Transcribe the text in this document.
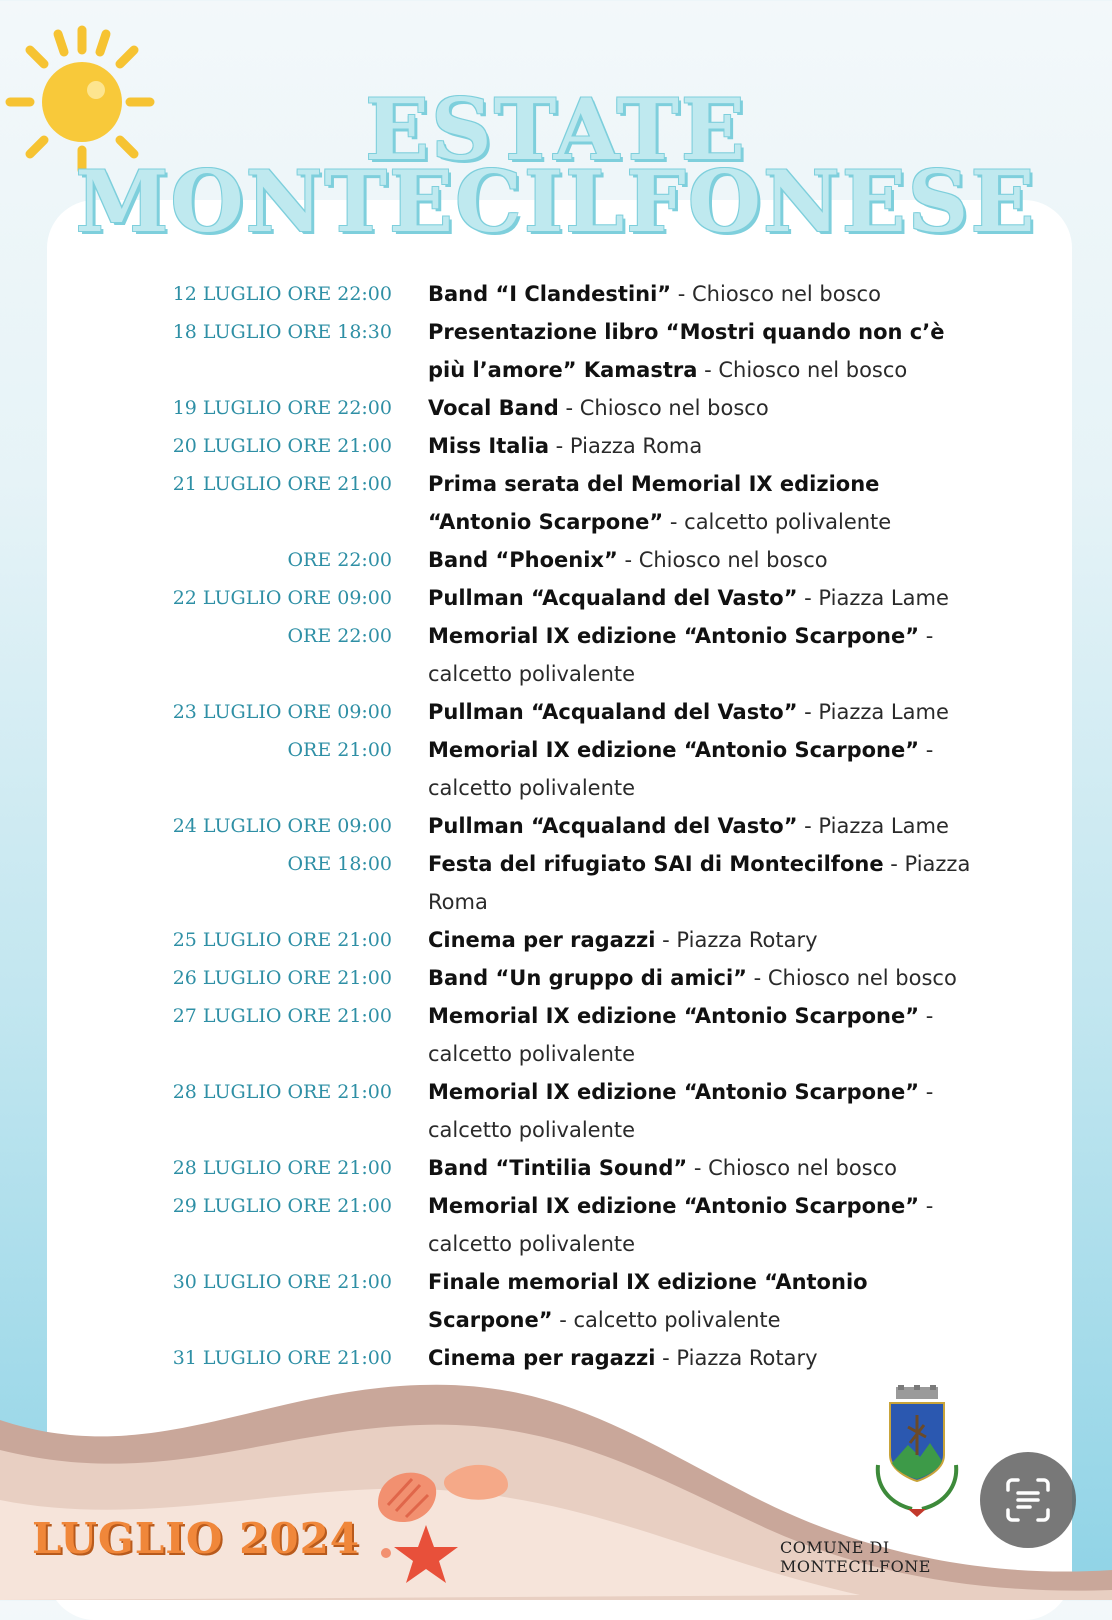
ESTATE
MONTECILFONESE
12 LUGLIO ORE 22:00 Band “I Clandestini” - Chiosco nel bosco
18 LUGLIO ORE 18:30 Presentazione libro “Mostri quando non c’è più l’amore” Kamastra - Chiosco nel bosco
19 LUGLIO ORE 22:00 Vocal Band - Chiosco nel bosco
20 LUGLIO ORE 21:00 Miss Italia - Piazza Roma
21 LUGLIO ORE 21:00 Prima serata del Memorial IX edizione “Antonio Scarpone” - calcetto polivalente
ORE 22:00 Band “Phoenix” - Chiosco nel bosco
22 LUGLIO ORE 09:00 Pullman “Acqualand del Vasto” - Piazza Lame
ORE 22:00 Memorial IX edizione “Antonio Scarpone” - calcetto polivalente
23 LUGLIO ORE 09:00 Pullman “Acqualand del Vasto” - Piazza Lame
ORE 21:00 Memorial IX edizione “Antonio Scarpone” - calcetto polivalente
24 LUGLIO ORE 09:00 Pullman “Acqualand del Vasto” - Piazza Lame
ORE 18:00 Festa del rifugiato SAI di Montecilfone - Piazza Roma
25 LUGLIO ORE 21:00 Cinema per ragazzi - Piazza Rotary
26 LUGLIO ORE 21:00 Band “Un gruppo di amici” - Chiosco nel bosco
27 LUGLIO ORE 21:00 Memorial IX edizione “Antonio Scarpone” - calcetto polivalente
28 LUGLIO ORE 21:00 Memorial IX edizione “Antonio Scarpone” - calcetto polivalente
28 LUGLIO ORE 21:00 Band “Tintilia Sound” - Chiosco nel bosco
29 LUGLIO ORE 21:00 Memorial IX edizione “Antonio Scarpone” - calcetto polivalente
30 LUGLIO ORE 21:00 Finale memorial IX edizione “Antonio Scarpone” - calcetto polivalente
31 LUGLIO ORE 21:00 Cinema per ragazzi - Piazza Rotary
LUGLIO 2024	COMUNE DI MONTECILFONE
